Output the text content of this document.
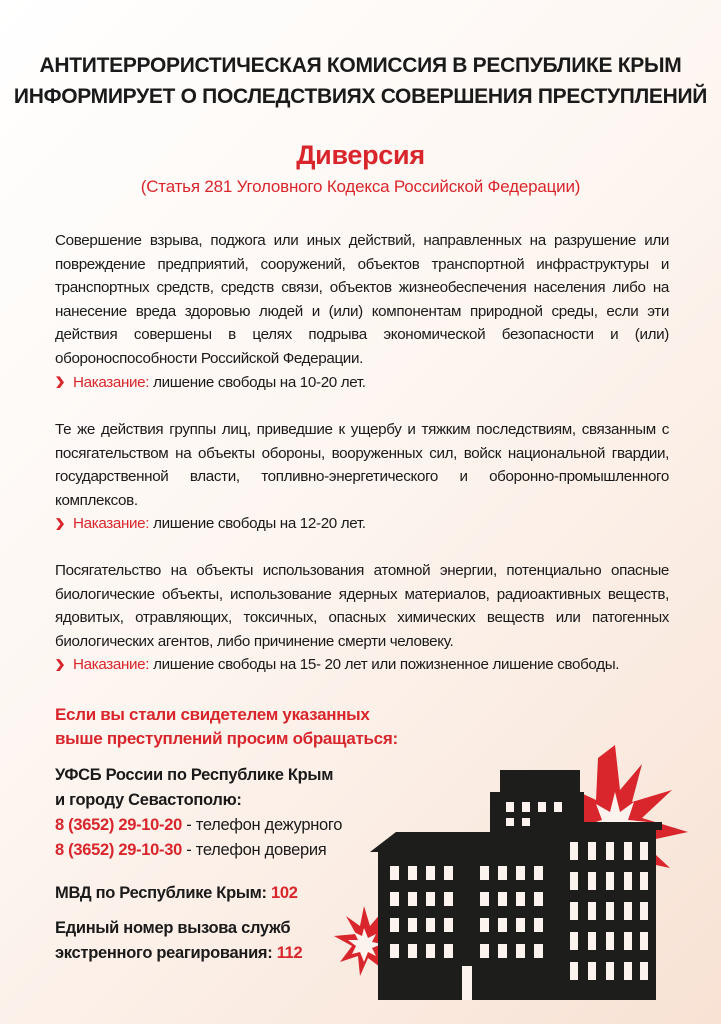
АНТИТЕРРОРИСТИЧЕСКАЯ КОМИССИЯ В РЕСПУБЛИКЕ КРЫМ
ИНФОРМИРУЕТ О ПОСЛЕДСТВИЯХ СОВЕРШЕНИЯ ПРЕСТУПЛЕНИЙ
Диверсия
(Статья 281 Уголовного Кодекса Российской Федерации)
Совершение взрыва, поджога или иных действий, направленных на разрушение или повреждение предприятий, сооружений, объектов транспортной инфраструктуры и транспортных средств, средств связи, объектов жизнеобеспечения населения либо на нанесение вреда здоровью людей и (или) компонентам природной среды, если эти действия совершены в целях подрыва экономической безопасности и (или) обороноспособности Российской Федерации.
Наказание: лишение свободы на 10-20 лет.
Те же действия группы лиц, приведшие к ущербу и тяжким последствиям, связанным с посягательством на объекты обороны, вооруженных сил, войск национальной гвардии, государственной власти, топливно-энергетического и оборонно-промышленного комплексов.
Наказание: лишение свободы на 12-20 лет.
Посягательство на объекты использования атомной энергии, потенциально опасные биологические объекты, использование ядерных материалов, радиоактивных веществ, ядовитых, отравляющих, токсичных, опасных химических веществ или патогенных биологических агентов, либо причинение смерти человеку.
Наказание: лишение свободы на 15- 20 лет или пожизненное лишение свободы.
Если вы стали свидетелем указанных
выше преступлений просим обращаться:
УФСБ России по Республике Крым
и городу Севастополю:
8 (3652) 29-10-20 - телефон дежурного
8 (3652) 29-10-30 - телефон доверия
МВД по Республике Крым: 102
Единый номер вызова служб
экстренного реагирования: 112
